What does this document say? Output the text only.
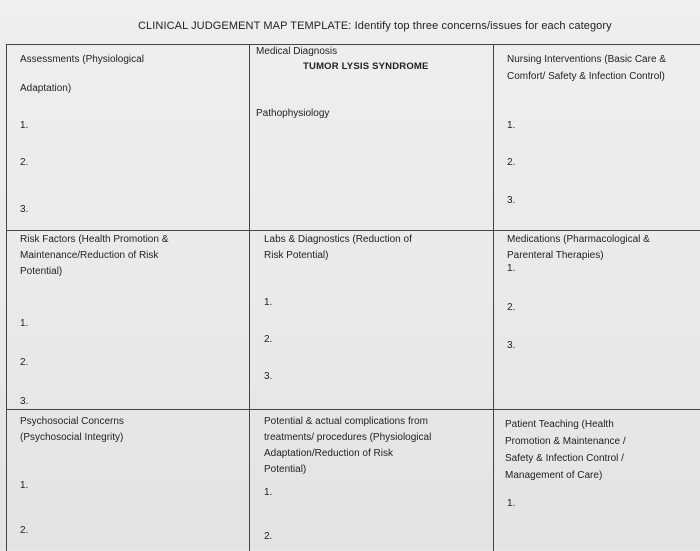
CLINICAL JUDGEMENT MAP TEMPLATE: Identify top three concerns/issues for each category
Assessments (Physiological
Adaptation)
1.
2.
3.
Medical Diagnosis
TUMOR LYSIS SYNDROME
Pathophysiology
Nursing Interventions (Basic Care &
Comfort/ Safety & Infection Control)
1.
2.
3.
Risk Factors (Health Promotion &
Maintenance/Reduction of Risk
Potential)
1.
2.
3.
Labs & Diagnostics (Reduction of
Risk Potential)
1.
2.
3.
Medications (Pharmacological &
Parenteral Therapies)
1.
2.
3.
Psychosocial Concerns
(Psychosocial Integrity)
1.
2.
Potential & actual complications from
treatments/ procedures (Physiological
Adaptation/Reduction of Risk
Potential)
1.
2.
Patient Teaching (Health
Promotion & Maintenance /
Safety & Infection Control /
Management of Care)
1.
